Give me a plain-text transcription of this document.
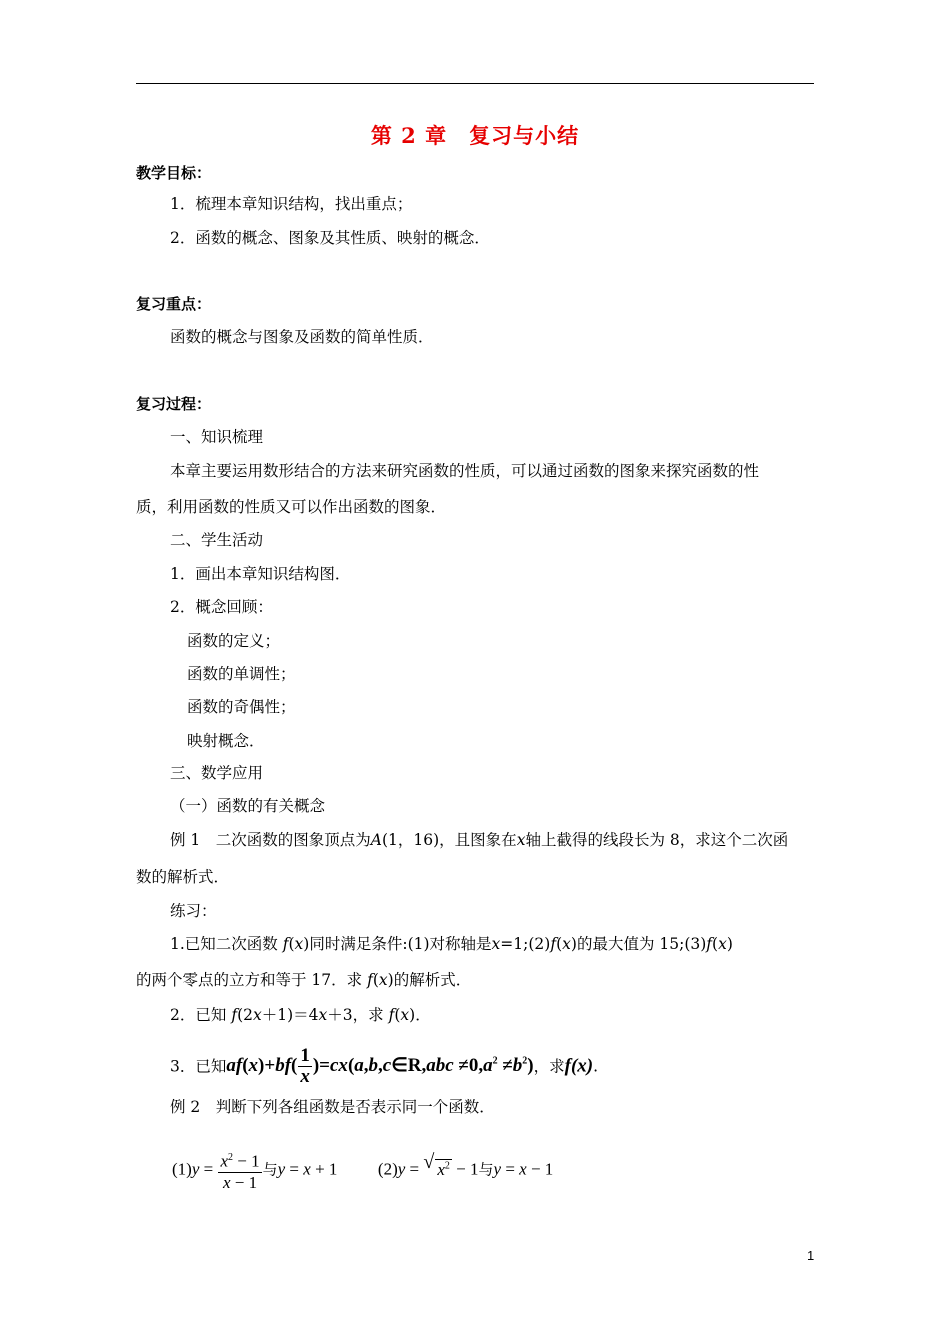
第 2 章 复习与小结
教学目标：
1．梳理本章知识结构，找出重点；
2．函数的概念、图象及其性质、映射的概念．
复习重点：
函数的概念与图象及函数的简单性质．
复习过程：
一、知识梳理
本章主要运用数形结合的方法来研究函数的性质，可以通过函数的图象来探究函数的性
质，利用函数的性质又可以作出函数的图象．
二、学生活动
1．画出本章知识结构图．
2．概念回顾：
函数的定义；
函数的单调性；
函数的奇偶性；
映射概念．
三、数学应用
（一）函数的有关概念
例 1　二次函数的图象顶点为A(1，16)，且图象在x轴上截得的线段长为 8，求这个二次函
数的解析式．
练习：
1.已知二次函数 f(x)同时满足条件:(1)对称轴是x=1;(2)f(x)的最大值为 15;(3)f(x)
的两个零点的立方和等于 17．求 f(x)的解析式．
2．已知 f(2x＋1)＝4x＋3，求 f(x)．
3．已知$af(x)+bf( \frac{1}{x}$ )=cx(a,b,c∈R,abc $\ne 0,a^2 \ne b^2$)，求f(x).
例 2　判断下列各组函数是否表示同一个函数．
$(1)y = \frac{x^2 - 1}{x - 1}$ 与y = x + 1  (2)y = √ $x^2 - 1$与y = x − 1
1
